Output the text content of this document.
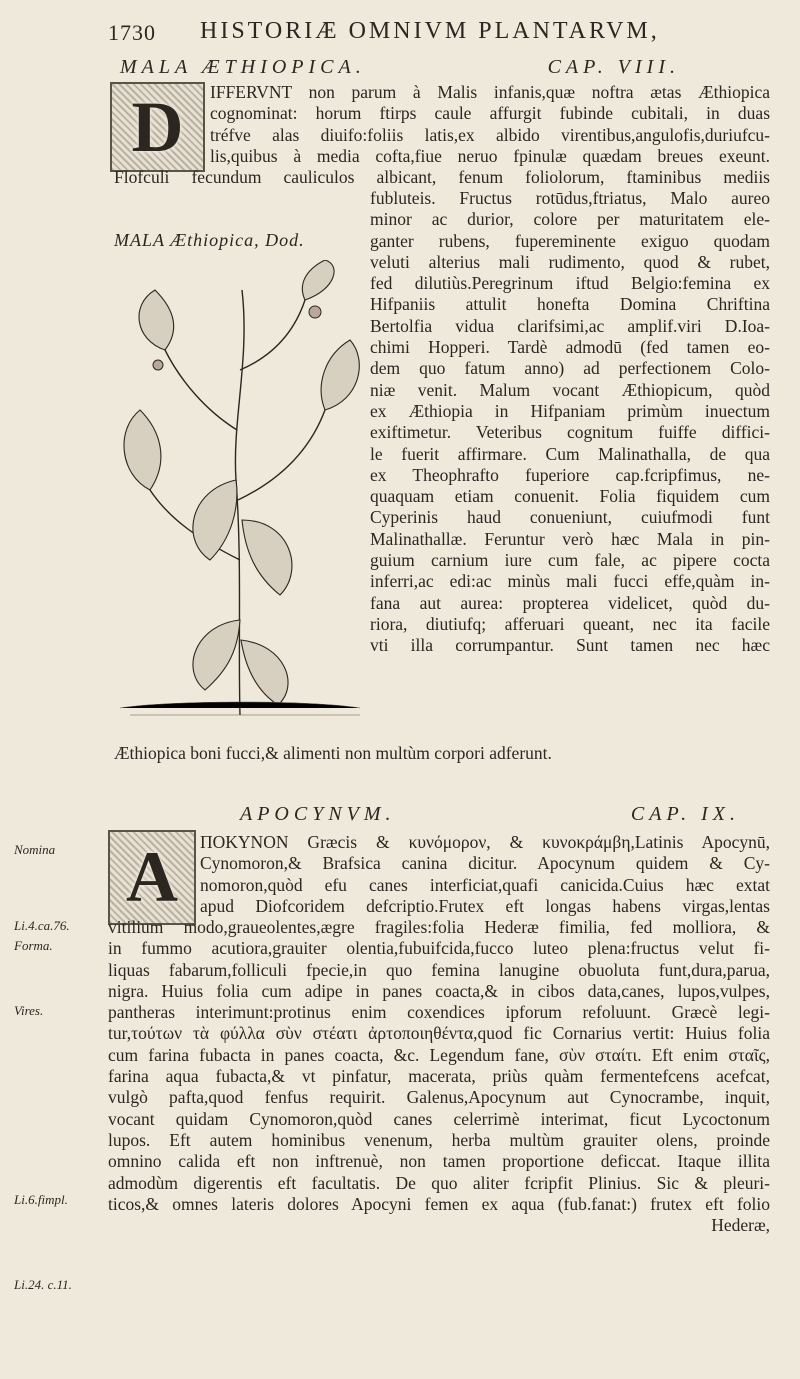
1730 HISTORIÆ OMNIVM PLANTARVM,
MALA ÆTHIOPICA.	CAP. VIII.
D
MALA Æthiopica, Dod.
IFFERVNT non parum à Malis infanis,quæ noftra ætas Æthiopica
cognominat: horum ftirps caule affurgit fubinde cubitali, in duas
tréfve alas diuifo:foliis latis,ex albido virentibus,angulofis,duriufcu-
lis,quibus à media cofta,fiue neruo fpinulæ quædam breues exeunt.
Flofculi fecundum cauliculos albicant, fenum foliolorum, ftaminibus mediis
fubluteis. Fructus rotūdus,ftriatus, Malo aureo
minor ac durior, colore per maturitatem ele-
ganter rubens, fupereminente exiguo quodam
veluti alterius mali rudimento, quod & rubet,
fed dilutiùs.Peregrinum iftud Belgio:femina ex
Hifpaniis attulit honefta Domina Chriftina
Bertolfia vidua clarifsimi,ac amplif.viri D.Ioa-
chimi Hopperi. Tardè admodū (fed tamen eo-
dem quo fatum anno) ad perfectionem Colo-
niæ venit. Malum vocant Æthiopicum, quòd
ex Æthiopia in Hifpaniam primùm inuectum
exiftimetur. Veteribus cognitum fuiffe diffici-
le fuerit affirmare. Cum Malinathalla, de qua
ex Theophrafto fuperiore cap.fcripfimus, ne-
quaquam etiam conuenit. Folia fiquidem cum
Cyperinis haud conueniunt, cuiufmodi funt
Malinathallæ. Feruntur verò hæc Mala in pin-
guium carnium iure cum fale, ac pipere cocta
inferri,ac edi:ac minùs mali fucci effe,quàm in-
fana aut aurea: propterea videlicet, quòd du-
riora, diutiufq; afferuari queant, nec ita facile
vti illa corrumpantur. Sunt tamen nec hæc
Æthiopica boni fucci,& alimenti non multùm corpori adferunt.
APOCYNVM.	CAP. IX.
A	ΠΟΚΥΝΟΝ Græcis & κυνόμορον, & κυνοκράμβη,Latinis Apocynū,
Cynomoron,& Brafsica canina dicitur. Apocynum quidem & Cy-
nomoron,quòd efu canes interficiat,quafi canicida.Cuius hæc extat
apud Diofcoridem defcriptio.Frutex eft longas habens virgas,lentas
vitilium modo,graueolentes,ægre fragiles:folia Hederæ fimilia, fed molliora, &
in fummo acutiora,grauiter olentia,fubuifcida,fucco luteo plena:fructus velut fi-
liquas fabarum,folliculi fpecie,in quo femina lanugine obuoluta funt,dura,parua,
nigra. Huius folia cum adipe in panes coacta,& in cibos data,canes, lupos,vulpes,
pantheras interimunt:protinus enim coxendices ipforum refoluunt. Græcè legi-
tur,τούτων τὰ φύλλα σὺν στέατι ἀρτοποιηθέντα,quod fic Cornarius vertit: Huius folia
cum farina fubacta in panes coacta, &c. Legendum fane, σὺν σταίτι. Eft enim σταῖς,
farina aqua fubacta,& vt pinfatur, macerata, priùs quàm fermentefcens acefcat,
vulgò pafta,quod fenfus requirit. Galenus,Apocynum aut Cynocrambe, inquit,
vocant quidam Cynomoron,quòd canes celerrimè interimat, ficut Lycoctonum
lupos. Eft autem hominibus venenum, herba multùm grauiter olens, proinde
omnino calida eft non inftrenuè, non tamen proportione deficcat. Itaque illita
admodùm digerentis eft facultatis. De quo aliter fcripfit Plinius. Sic & pleuri-
ticos,& omnes lateris dolores Apocyni femen ex aqua (fub.fanat:) frutex eft folio
Hederæ,
Nomina
Li.4.ca.76.
Forma.
Vires.
Li.6.fimpl.
Li.24. c.11.
